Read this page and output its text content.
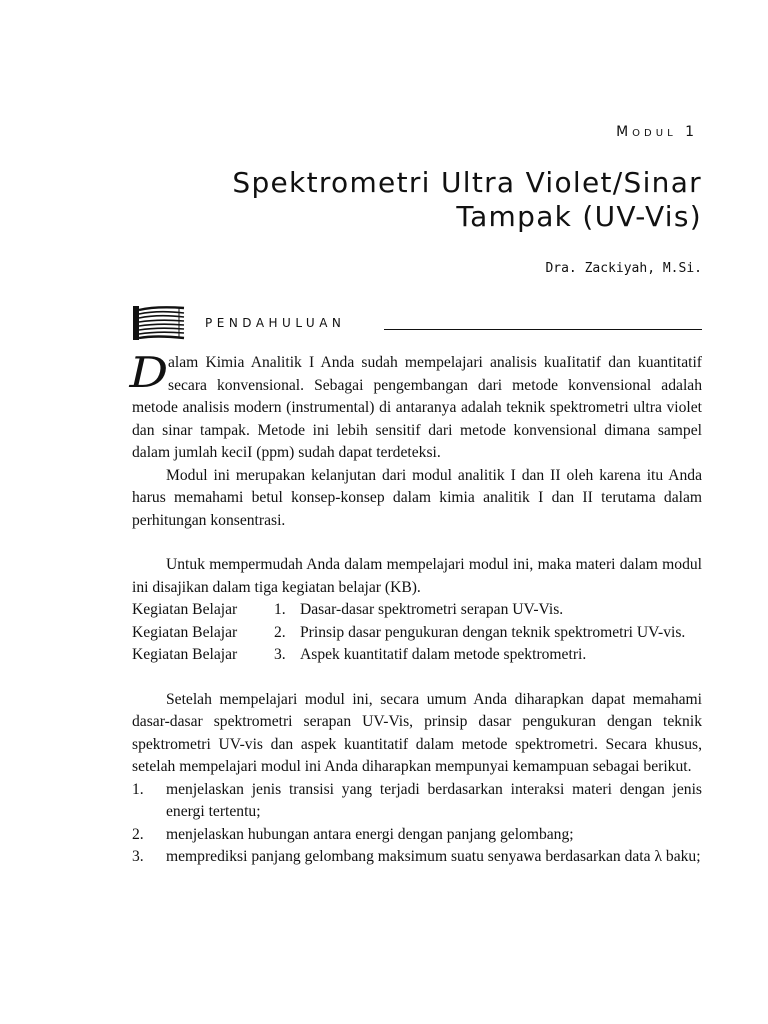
Modul 1
Spektrometri Ultra Violet/Sinar
Tampak (UV-Vis)
Dra. Zackiyah, M.Si.
PENDAHULUAN

Dalam Kimia Analitik I Anda sudah mempelajari analisis kuaIitatif dan kuantitatif secara konvensional. Sebagai pengembangan dari metode konvensional adalah metode analisis modern (instrumental) di antaranya adalah teknik spektrometri ultra violet dan sinar tampak. Metode ini lebih sensitif dari metode konvensional dimana sampel dalam jumlah keciI (ppm) sudah dapat terdeteksi.

Modul ini merupakan kelanjutan dari modul analitik I dan II oleh karena itu Anda harus memahami betul konsep-konsep dalam kimia analitik I dan II terutama dalam perhitungan konsentrasi.

Untuk mempermudah Anda dalam mempelajari modul ini, maka materi dalam modul ini disajikan dalam tiga kegiatan belajar (KB).

Kegiatan Belajar	1. Dasar-dasar spektrometri serapan UV-Vis.
Kegiatan Belajar	2. Prinsip dasar pengukuran dengan teknik spektrometri UV-vis.
Kegiatan Belajar	3. Aspek kuantitatif dalam metode spektrometri.

Setelah mempelajari modul ini, secara umum Anda diharapkan dapat memahami dasar-dasar spektrometri serapan UV-Vis, prinsip dasar pengukuran dengan teknik spektrometri UV-vis dan aspek kuantitatif dalam metode spektrometri. Secara khusus, setelah mempelajari modul ini Anda diharapkan mempunyai kemampuan sebagai berikut.

1.	menjelaskan jenis transisi yang terjadi berdasarkan interaksi materi dengan jenis energi tertentu;
2.	menjelaskan hubungan antara energi dengan panjang gelombang;
3.	memprediksi panjang gelombang maksimum suatu senyawa berdasarkan data λ baku;
